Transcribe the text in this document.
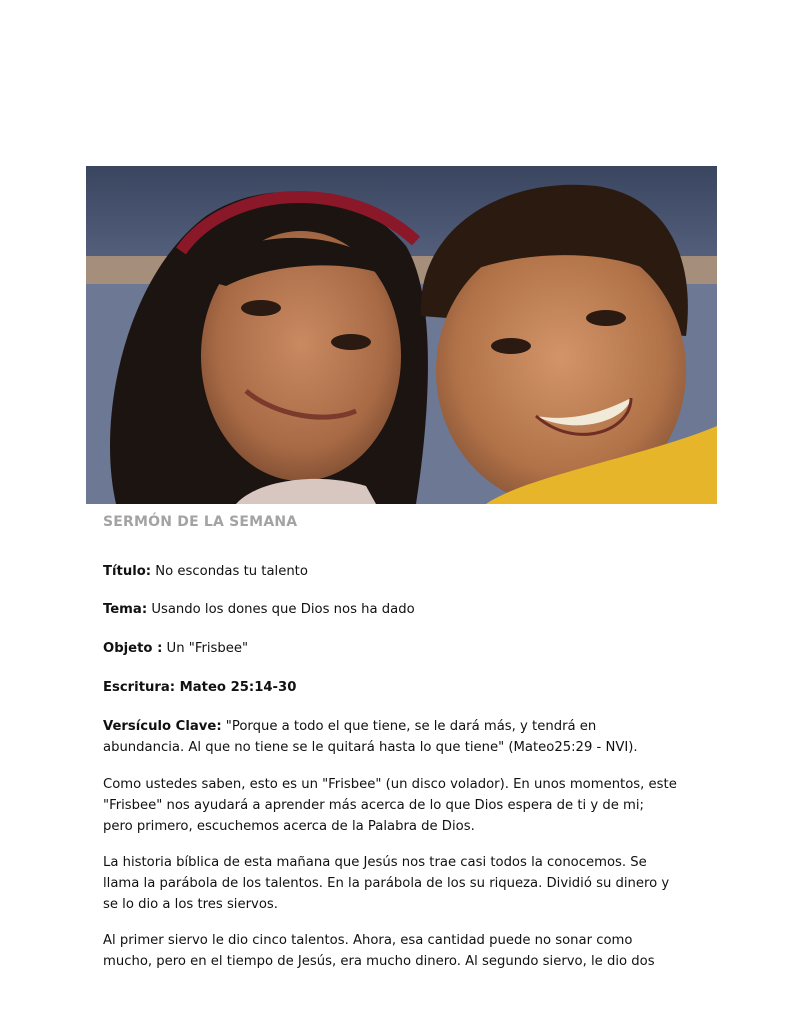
SERMÓN DE LA SEMANA
Título: No escondas tu talento
Tema: Usando los dones que Dios nos ha dado
Objeto : Un "Frisbee"
Escritura: Mateo 25:14-30
Versículo Clave: "Porque a todo el que tiene, se le dará más, y tendrá en
abundancia. Al que no tiene se le quitará hasta lo que tiene" (Mateo25:29 - NVI).
Como ustedes saben, esto es un "Frisbee" (un disco volador). En unos momentos, este
"Frisbee" nos ayudará a aprender más acerca de lo que Dios espera de ti y de mi;
pero primero, escuchemos acerca de la Palabra de Dios.
La historia bíblica de esta mañana que Jesús nos trae casi todos la conocemos. Se
llama la parábola de los talentos. En la parábola de los su riqueza. Dividió su dinero y
se lo dio a los tres siervos.
Al primer siervo le dio cinco talentos. Ahora, esa cantidad puede no sonar como
mucho, pero en el tiempo de Jesús, era mucho dinero. Al segundo siervo, le dio dos
